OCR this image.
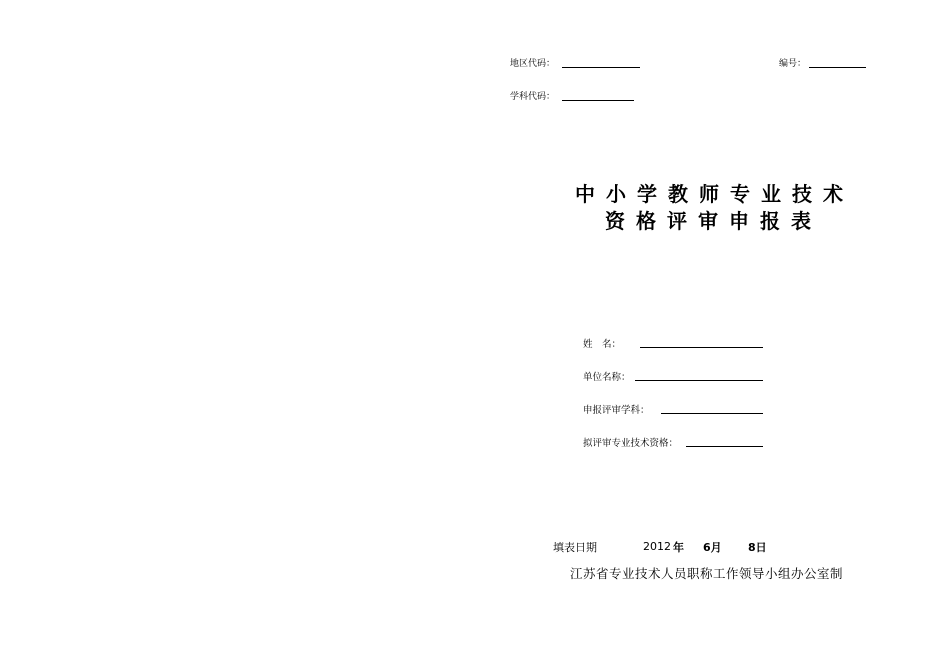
地区代码：	编号：
学科代码：
中小学教师专业技术
资格评审申报表
姓　名：
单位名称：
申报评审学科：
拟评审专业技术资格：
填表日期	2012 年 6月 8日
江苏省专业技术人员职称工作领导小组办公室制
